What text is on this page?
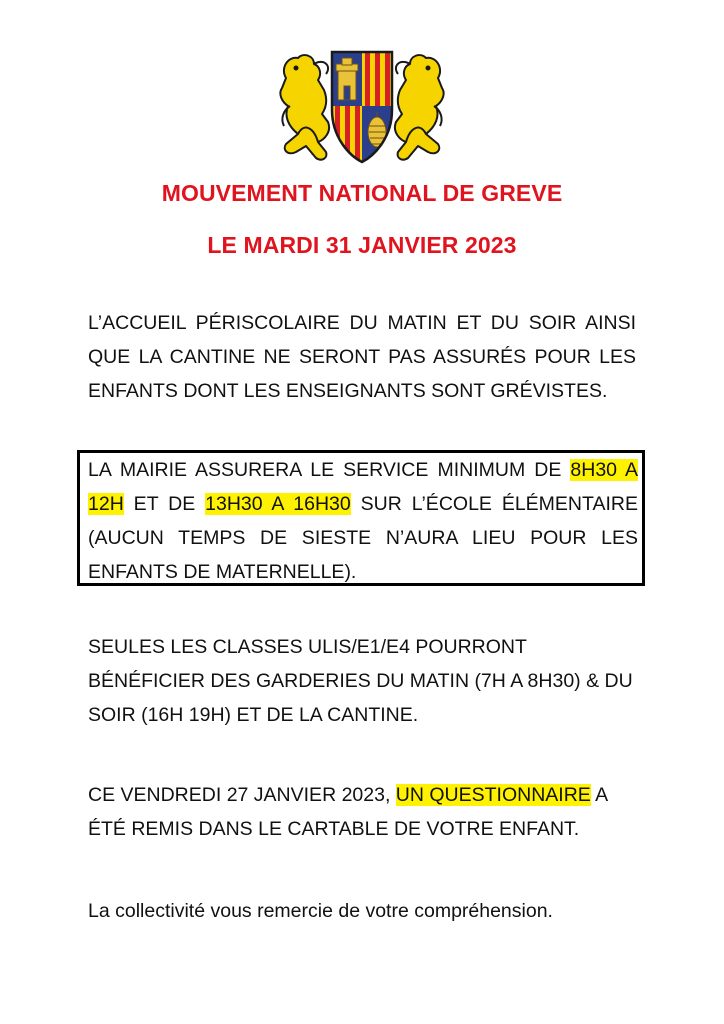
MOUVEMENT NATIONAL DE GREVE
LE MARDI 31 JANVIER 2023
L’ACCUEIL PÉRISCOLAIRE DU MATIN ET DU SOIR AINSI QUE LA CANTINE NE SERONT PAS ASSURÉS POUR LES ENFANTS DONT LES ENSEIGNANTS SONT GRÉVISTES.
LA MAIRIE ASSURERA LE SERVICE MINIMUM DE 8H30 A 12H ET DE 13H30 A 16H30 SUR L’ÉCOLE ÉLÉMENTAIRE (AUCUN TEMPS DE SIESTE N’AURA LIEU POUR LES ENFANTS DE MATERNELLE).
SEULES LES CLASSES ULIS/E1/E4 POURRONT BÉNÉFICIER DES GARDERIES DU MATIN (7H A 8H30) & DU SOIR (16H 19H) ET DE LA CANTINE.
CE VENDREDI 27 JANVIER 2023, UN QUESTIONNAIRE A ÉTÉ REMIS DANS LE CARTABLE DE VOTRE ENFANT.
La collectivité vous remercie de votre compréhension.
